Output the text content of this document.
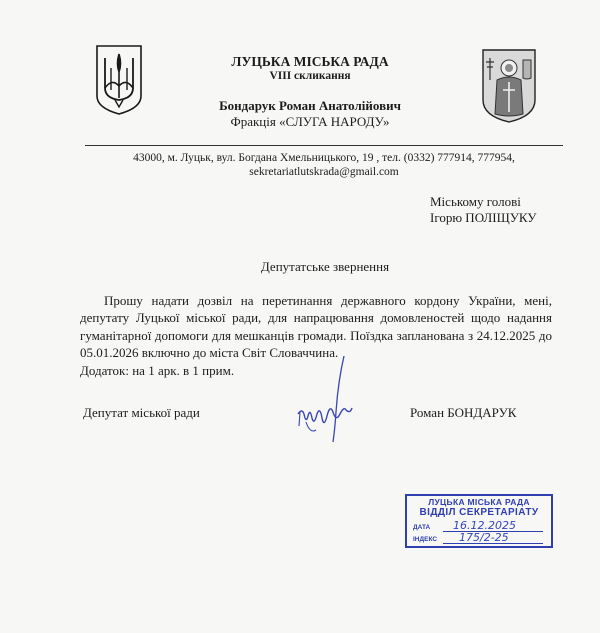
ЛУЦЬКА МІСЬКА РАДА
VIII скликання
Бондарук Роман Анатолійович
Фракція «СЛУГА НАРОДУ»
43000, м. Луцьк, вул. Богдана Хмельницького, 19 , тел. (0332) 777914, 777954,
sekretariatlutskrada@gmail.com
Міському голові
Ігорю ПОЛІЩУКУ
Депутатське звернення

Прошу надати дозвіл на перетинання державного кордону України, мені, депутату Луцької міської ради, для напрацювання домовленостей щодо надання гуманітарної допомоги для мешканців громади. Поїздка запланована з 24.12.2025 до 05.01.2026 включно до міста Світ Словаччина.

Додаток: на 1 арк. в 1 прим.

Депутат міської ради	Роман БОНДАРУК
ЛУЦЬКА МІСЬКА РАДА
ВІДДІЛ СЕКРЕТАРІАТУ
ДАТА
ІНДЕКС
16.12.2025
175/2-25
